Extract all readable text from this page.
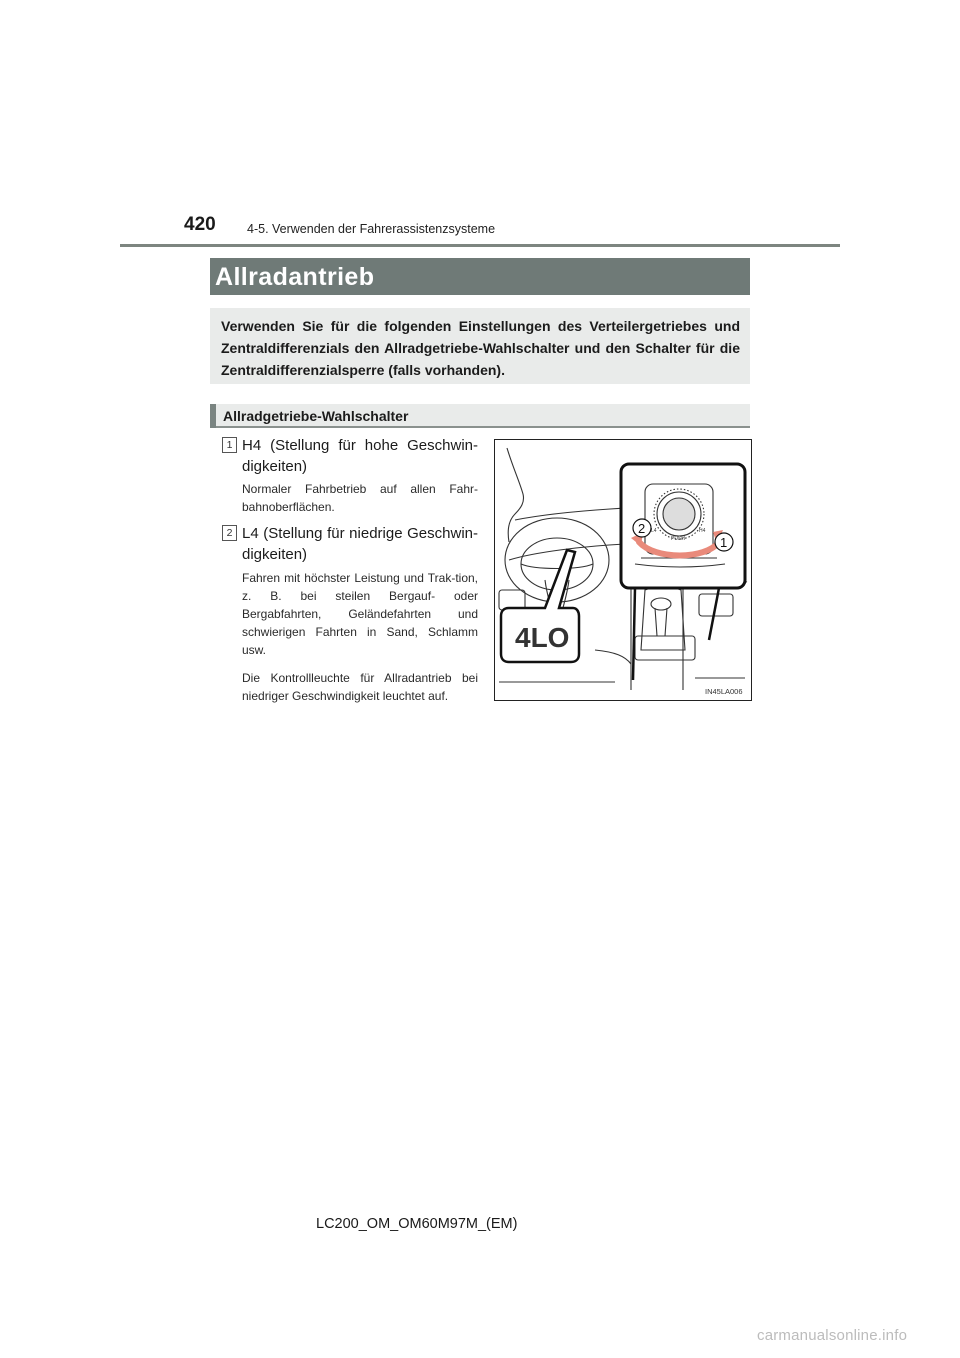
420	4-5. Verwenden der Fahrerassistenzsysteme
Allradantrieb
Verwenden Sie für die folgenden Einstellungen des Verteilergetriebes und Zentraldifferenzials den Allradgetriebe-Wahlschalter und den Schalter für die Zentraldifferenzialsperre (falls vorhanden).
Allradgetriebe-Wahlschalter
1 H4 (Stellung für hohe Geschwin-digkeiten)
Normaler Fahrbetrieb auf allen Fahr-bahnoberflächen.
2 L4 (Stellung für niedrige Geschwin-digkeiten)
Fahren mit höchster Leistung und Trak-tion, z. B. bei steilen Bergauf- oder Bergabfahrten, Geländefahrten und schwierigen Fahrten in Sand, Schlamm usw.
Die Kontrollleuchte für Allradantrieb bei niedriger Geschwindigkeit leuchtet auf.
PUSH
L4	H4
2
1
4LO
IN45LA006
LC200_OM_OM60M97M_(EM)
carmanualsonline.info
